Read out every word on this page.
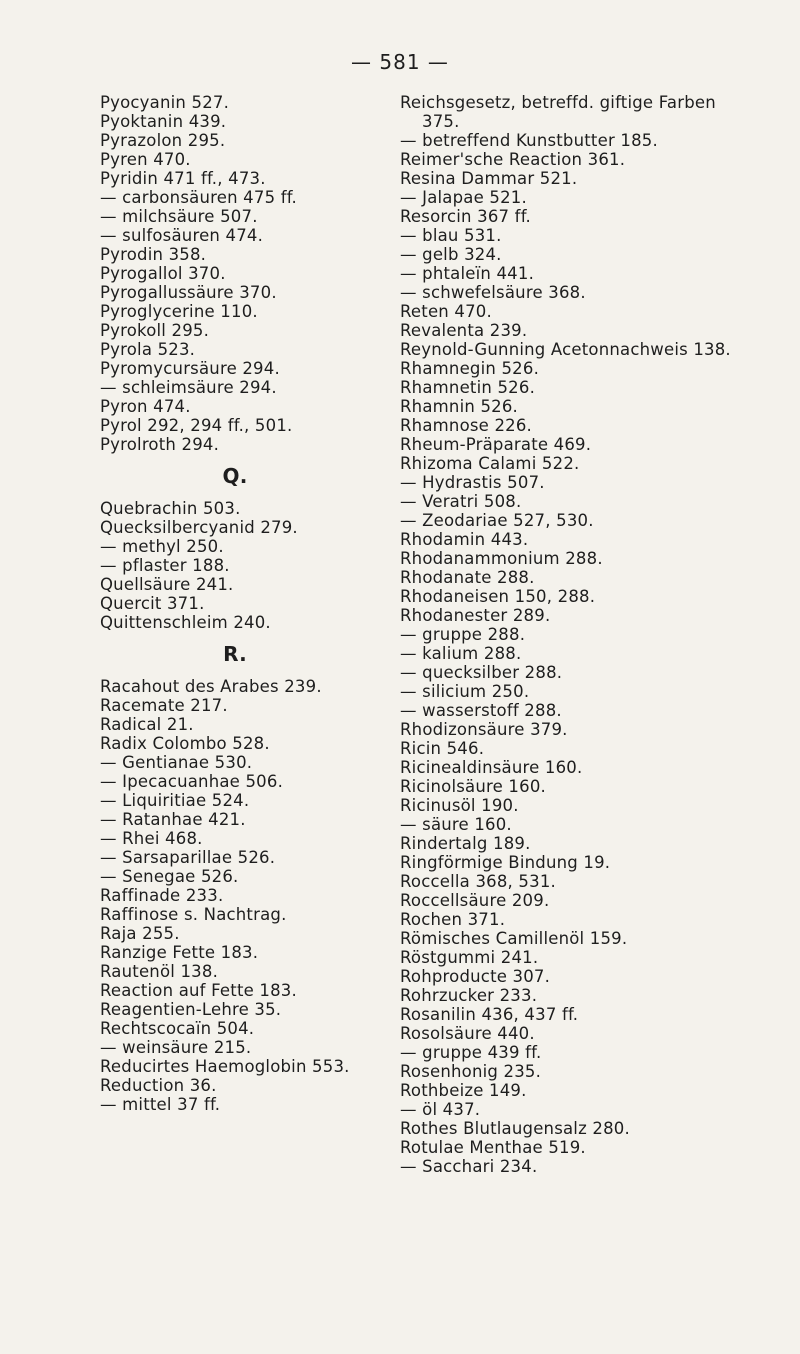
— 581 —
Pyocyanin 527.
Pyoktanin 439.
Pyrazolon 295.
Pyren 470.
Pyridin 471 ff., 473.
— carbonsäuren 475 ff.
— milchsäure 507.
— sulfosäuren 474.
Pyrodin 358.
Pyrogallol 370.
Pyrogallussäure 370.
Pyroglycerine 110.
Pyrokoll 295.
Pyrola 523.
Pyromycursäure 294.
— schleimsäure 294.
Pyron 474.
Pyrol 292, 294 ff., 501.
Pyrolroth 294.
Q.
Quebrachin 503.
Quecksilbercyanid 279.
— methyl 250.
— pflaster 188.
Quellsäure 241.
Quercit 371.
Quittenschleim 240.
R.
Racahout des Arabes 239.
Racemate 217.
Radical 21.
Radix Colombo 528.
— Gentianae 530.
— Ipecacuanhae 506.
— Liquiritiae 524.
— Ratanhae 421.
— Rhei 468.
— Sarsaparillae 526.
— Senegae 526.
Raffinade 233.
Raffinose s. Nachtrag.
Raja 255.
Ranzige Fette 183.
Rautenöl 138.
Reaction auf Fette 183.
Reagentien-Lehre 35.
Rechtscocaïn 504.
— weinsäure 215.
Reducirtes Haemoglobin 553.
Reduction 36.
— mittel 37 ff.
Reichsgesetz, betreffd. giftige Farben
375.
— betreffend Kunstbutter 185.
Reimer'sche Reaction 361.
Resina Dammar 521.
— Jalapae 521.
Resorcin 367 ff.
— blau 531.
— gelb 324.
— phtaleïn 441.
— schwefelsäure 368.
Reten 470.
Revalenta 239.
Reynold-Gunning Acetonnachweis 138.
Rhamnegin 526.
Rhamnetin 526.
Rhamnin 526.
Rhamnose 226.
Rheum-Präparate 469.
Rhizoma Calami 522.
— Hydrastis 507.
— Veratri 508.
— Zeodariae 527, 530.
Rhodamin 443.
Rhodanammonium 288.
Rhodanate 288.
Rhodaneisen 150, 288.
Rhodanester 289.
— gruppe 288.
— kalium 288.
— quecksilber 288.
— silicium 250.
— wasserstoff 288.
Rhodizonsäure 379.
Ricin 546.
Ricinealdinsäure 160.
Ricinolsäure 160.
Ricinusöl 190.
— säure 160.
Rindertalg 189.
Ringförmige Bindung 19.
Roccella 368, 531.
Roccellsäure 209.
Rochen 371.
Römisches Camillenöl 159.
Röstgummi 241.
Rohproducte 307.
Rohrzucker 233.
Rosanilin 436, 437 ff.
Rosolsäure 440.
— gruppe 439 ff.
Rosenhonig 235.
Rothbeize 149.
— öl 437.
Rothes Blutlaugensalz 280.
Rotulae Menthae 519.
— Sacchari 234.
